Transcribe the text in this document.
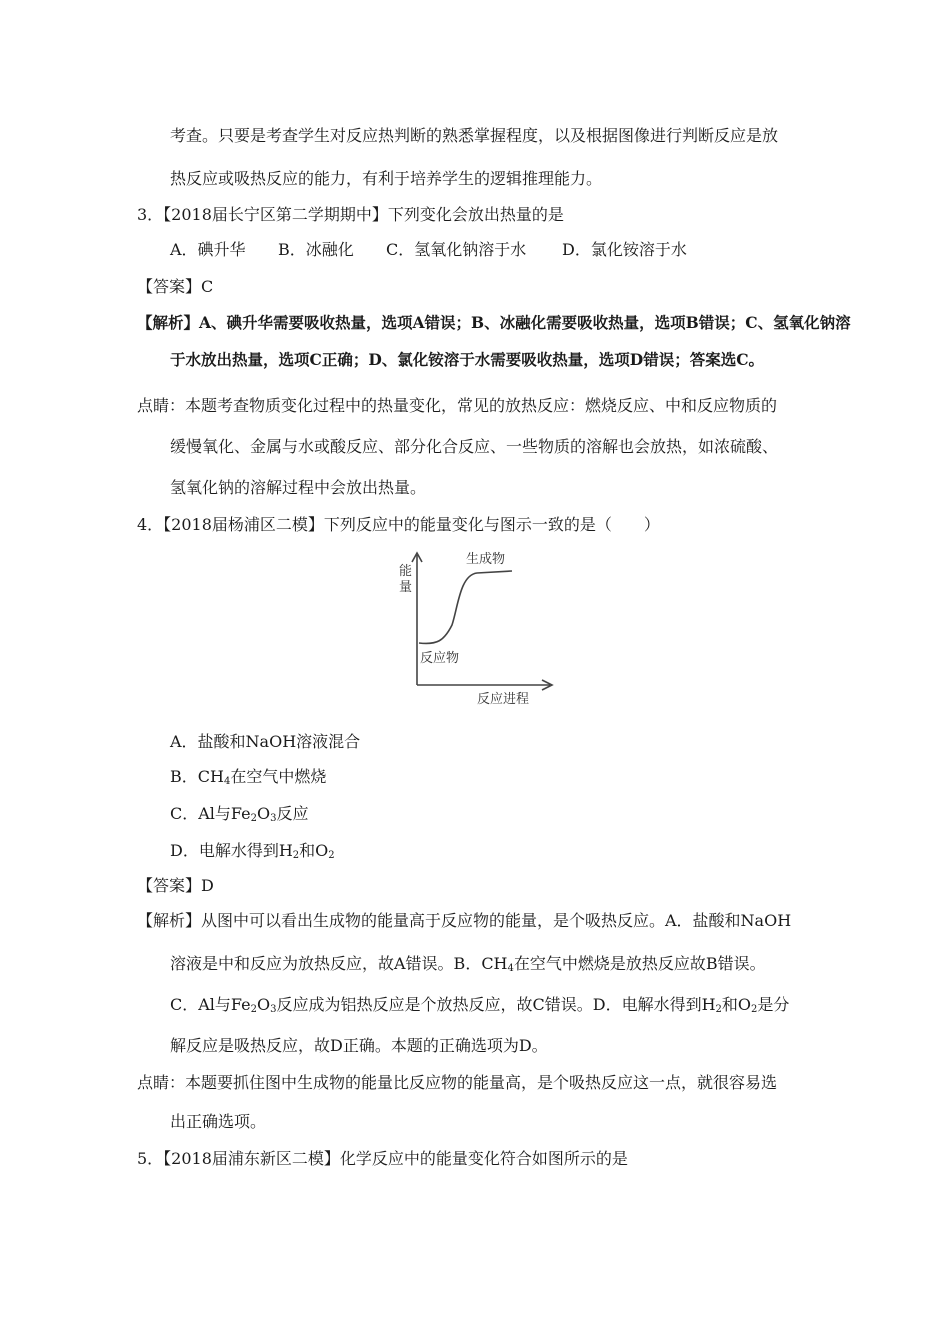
考查。只要是考查学生对反应热判断的熟悉掌握程度，以及根据图像进行判断反应是放
热反应或吸热反应的能力，有利于培养学生的逻辑推理能力。
3．【2018届长宁区第二学期期中】下列变化会放出热量的是
A．碘升华 B．冰融化 C．氢氧化钠溶于水 D．氯化铵溶于水
【答案】C
【解析】A、碘升华需要吸收热量，选项A错误；B、冰融化需要吸收热量，选项B错误；C、氢氧化钠溶
于水放出热量，选项C正确；D、氯化铵溶于水需要吸收热量，选项D错误；答案选C。
点睛：本题考查物质变化过程中的热量变化，常见的放热反应：燃烧反应、中和反应物质的
缓慢氧化、金属与水或酸反应、部分化合反应、一些物质的溶解也会放热，如浓硫酸、
氢氧化钠的溶解过程中会放出热量。
4．【2018届杨浦区二模】下列反应中的能量变化与图示一致的是（　　）
能
量
生成物
反应物
反应进程
A．盐酸和NaOH溶液混合
B．$CH_4$在空气中燃烧
C．Al与$Fe_2O_3$反应
D．电解水得到$H_2$和$O_2$
【答案】D
【解析】从图中可以看出生成物的能量高于反应物的能量，是个吸热反应。A．盐酸和NaOH
溶液是中和反应为放热反应，故A错误。B．$CH_4$在空气中燃烧是放热反应故B错误。
C．Al与$Fe_2O_3$反应成为铝热反应是个放热反应，故C错误。D．电解水得到$H_2$和$O_2$是分
解反应是吸热反应，故D正确。本题的正确选项为D。
点睛：本题要抓住图中生成物的能量比反应物的能量高，是个吸热反应这一点，就很容易选
出正确选项。
5．【2018届浦东新区二模】化学反应中的能量变化符合如图所示的是
